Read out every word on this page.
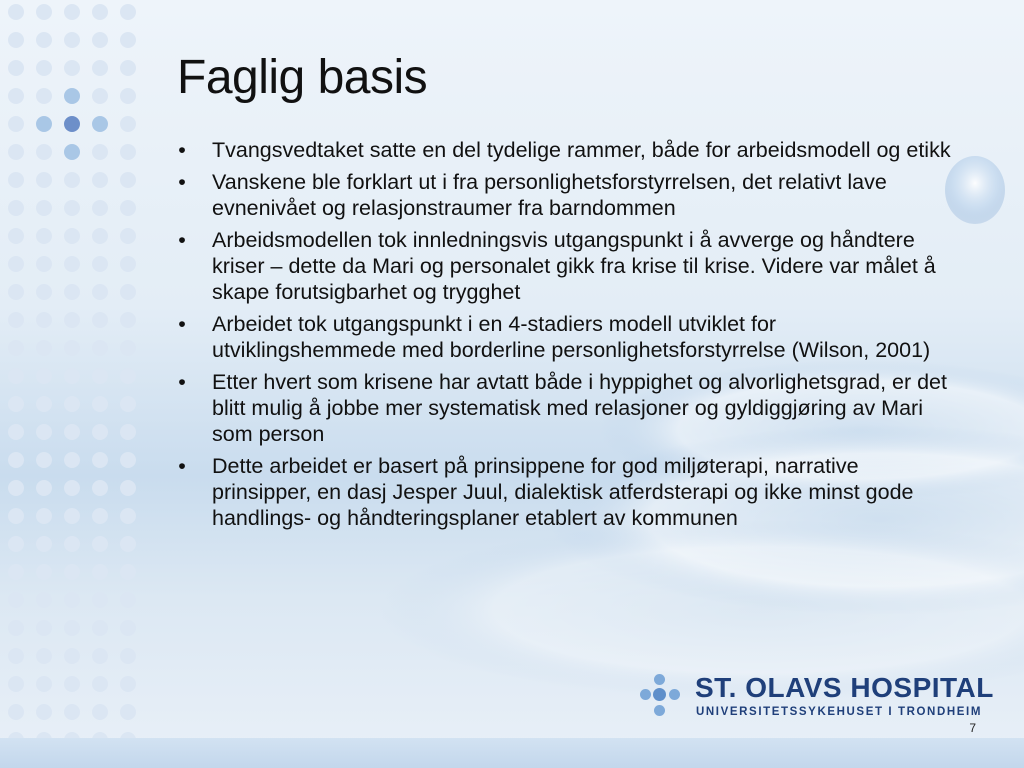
Faglig basis
• Tvangsvedtaket satte en del tydelige rammer, både for arbeidsmodell og etikk
• Vanskene ble forklart ut i fra personlighetsforstyrrelsen, det relativt lave evnenivået og relasjonstraumer fra barndommen
• Arbeidsmodellen tok innledningsvis utgangspunkt i å avverge og håndtere kriser – dette da Mari og personalet gikk fra krise til krise. Videre var målet å skape forutsigbarhet og trygghet
• Arbeidet tok utgangspunkt i en 4-stadiers modell utviklet for utviklingshemmede med borderline personlighetsforstyrrelse (Wilson, 2001)
• Etter hvert som krisene har avtatt både i hyppighet og alvorlighetsgrad, er det blitt mulig å jobbe mer systematisk med relasjoner og gyldiggjøring av Mari som person
• Dette arbeidet er basert på prinsippene for god miljøterapi, narrative prinsipper, en dasj Jesper Juul, dialektisk atferdsterapi og ikke minst gode handlings- og håndteringsplaner etablert av kommunen
ST. OLAVS HOSPITAL
UNIVERSITETSSYKEHUSET I TRONDHEIM
7
